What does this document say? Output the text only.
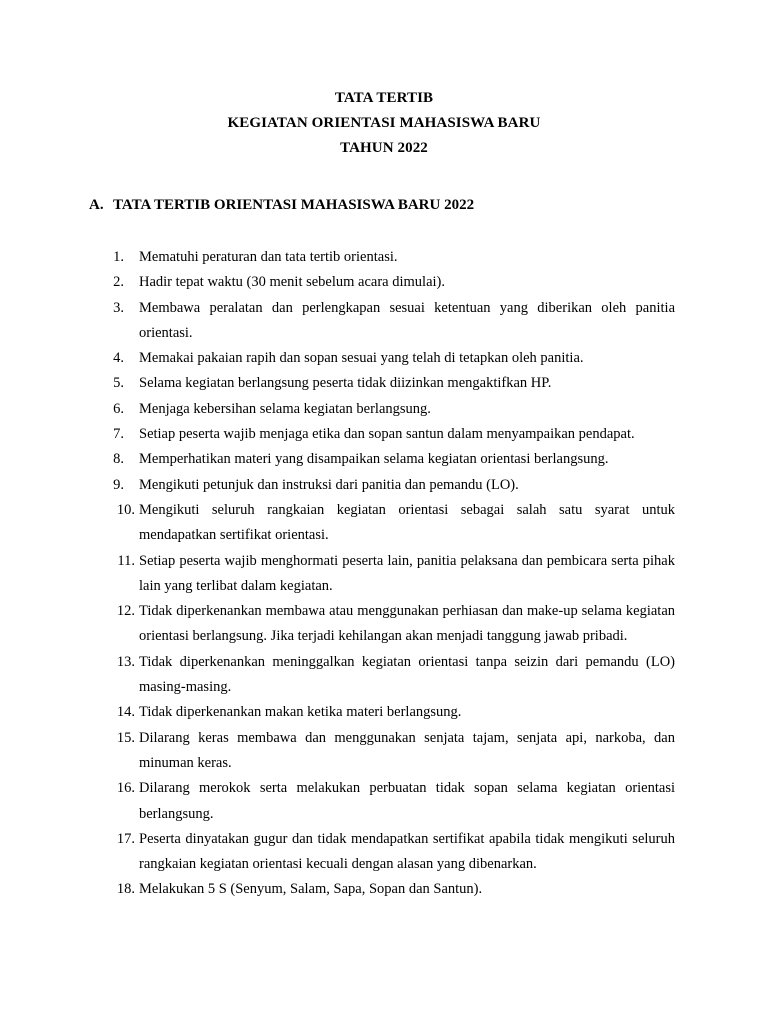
TATA TERTIB
KEGIATAN ORIENTASI MAHASISWA BARU
TAHUN 2022
A. TATA TERTIB ORIENTASI MAHASISWA BARU 2022
1. Mematuhi peraturan dan tata tertib orientasi.
2. Hadir tepat waktu (30 menit sebelum acara dimulai).
3. Membawa peralatan dan perlengkapan sesuai ketentuan yang diberikan oleh panitia orientasi.
4. Memakai pakaian rapih dan sopan sesuai yang telah di tetapkan oleh panitia.
5. Selama kegiatan berlangsung peserta tidak diizinkan mengaktifkan HP.
6. Menjaga kebersihan selama kegiatan berlangsung.
7. Setiap peserta wajib menjaga etika dan sopan santun dalam menyampaikan pendapat.
8. Memperhatikan materi yang disampaikan selama kegiatan orientasi berlangsung.
9. Mengikuti petunjuk dan instruksi dari panitia dan pemandu (LO).
10. Mengikuti seluruh rangkaian kegiatan orientasi sebagai salah satu syarat untuk mendapatkan sertifikat orientasi.
11. Setiap peserta wajib menghormati peserta lain, panitia pelaksana dan pembicara serta pihak lain yang terlibat dalam kegiatan.
12. Tidak diperkenankan membawa atau menggunakan perhiasan dan make-up selama kegiatan orientasi berlangsung. Jika terjadi kehilangan akan menjadi tanggung jawab pribadi.
13. Tidak diperkenankan meninggalkan kegiatan orientasi tanpa seizin dari pemandu (LO) masing-masing.
14. Tidak diperkenankan makan ketika materi berlangsung.
15. Dilarang keras membawa dan menggunakan senjata tajam, senjata api, narkoba, dan minuman keras.
16. Dilarang merokok serta melakukan perbuatan tidak sopan selama kegiatan orientasi berlangsung.
17. Peserta dinyatakan gugur dan tidak mendapatkan sertifikat apabila tidak mengikuti seluruh rangkaian kegiatan orientasi kecuali dengan alasan yang dibenarkan.
18. Melakukan 5 S (Senyum, Salam, Sapa, Sopan dan Santun).
